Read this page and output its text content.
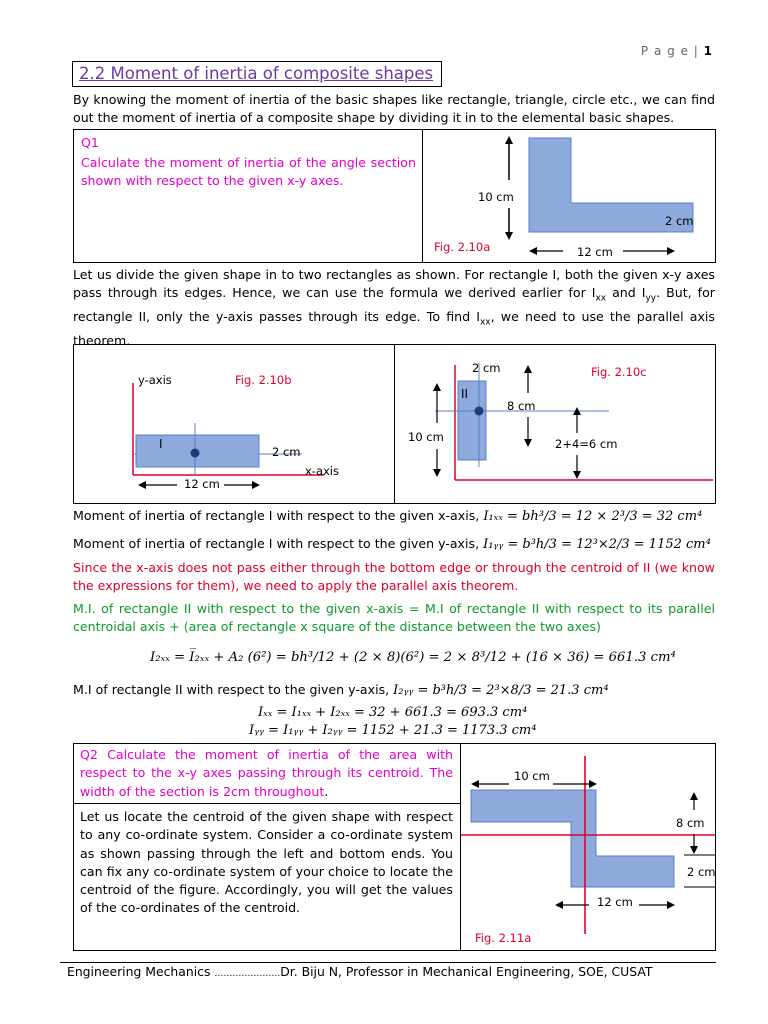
P a g e | 1
2.2 Moment of inertia of composite shapes
By knowing the moment of inertia of the basic shapes like rectangle, triangle, circle etc., we can find out the moment of inertia of a composite shape by dividing it in to the elemental basic shapes.
Q1
Calculate the moment of inertia of the angle section shown with respect to the given x-y axes.
10 cm
2 cm
12 cm
Fig. 2.10a
Let us divide the given shape in to two rectangles as shown. For rectangle I, both the given x-y axes pass through its edges. Hence, we can use the formula we derived earlier for $I_{xx}$ and $I_{yy}$. But, for rectangle II, only the y-axis passes through its edge. To find $I_{xx}$, we need to use the parallel axis theorem.
y-axis	Fig. 2.10b
I
2 cm
x-axis
12 cm
2 cm	Fig. 2.10c
II
8 cm
10 cm	2+4=6 cm
Moment of inertia of rectangle I with respect to the given x-axis, I₁ₓₓ = bh³/3 = 12 × 2³/3 = 32 cm⁴
Moment of inertia of rectangle I with respect to the given y-axis, I₁ᵧᵧ = b³h/3 = 12³×2/3 = 1152 cm⁴
Since the x-axis does not pass either through the bottom edge or through the centroid of II (we know the expressions for them), we need to apply the parallel axis theorem.
M.I. of rectangle II with respect to the given x-axis = M.I of rectangle II with respect to its parallel centroidal axis + (area of rectangle x square of the distance between the two axes)
I₂ₓₓ = I̅₂ₓₓ + A₂ (6²) = bh³/12 + (2 × 8)(6²) = 2 × 8³/12 + (16 × 36) = 661.3 cm⁴
M.I of rectangle II with respect to the given y-axis, I₂ᵧᵧ = b³h/3 = 2³×8/3 = 21.3 cm⁴
Iₓₓ = I₁ₓₓ + I₂ₓₓ = 32 + 661.3 = 693.3 cm⁴
Iᵧᵧ = I₁ᵧᵧ + I₂ᵧᵧ = 1152 + 21.3 = 1173.3 cm⁴
Q2 Calculate the moment of inertia of the area with respect to the x-y axes passing through its centroid. The width of the section is 2cm throughout.
Let us locate the centroid of the given shape with respect to any co-ordinate system. Consider a co-ordinate system as shown passing through the left and bottom ends. You can fix any co-ordinate system of your choice to locate the centroid of the figure. Accordingly, you will get the values of the co-ordinates of the centroid.
10 cm
8 cm
2 cm
12 cm
Fig. 2.11a
Engineering Mechanics ………………….Dr. Biju N, Professor in Mechanical Engineering, SOE, CUSAT
